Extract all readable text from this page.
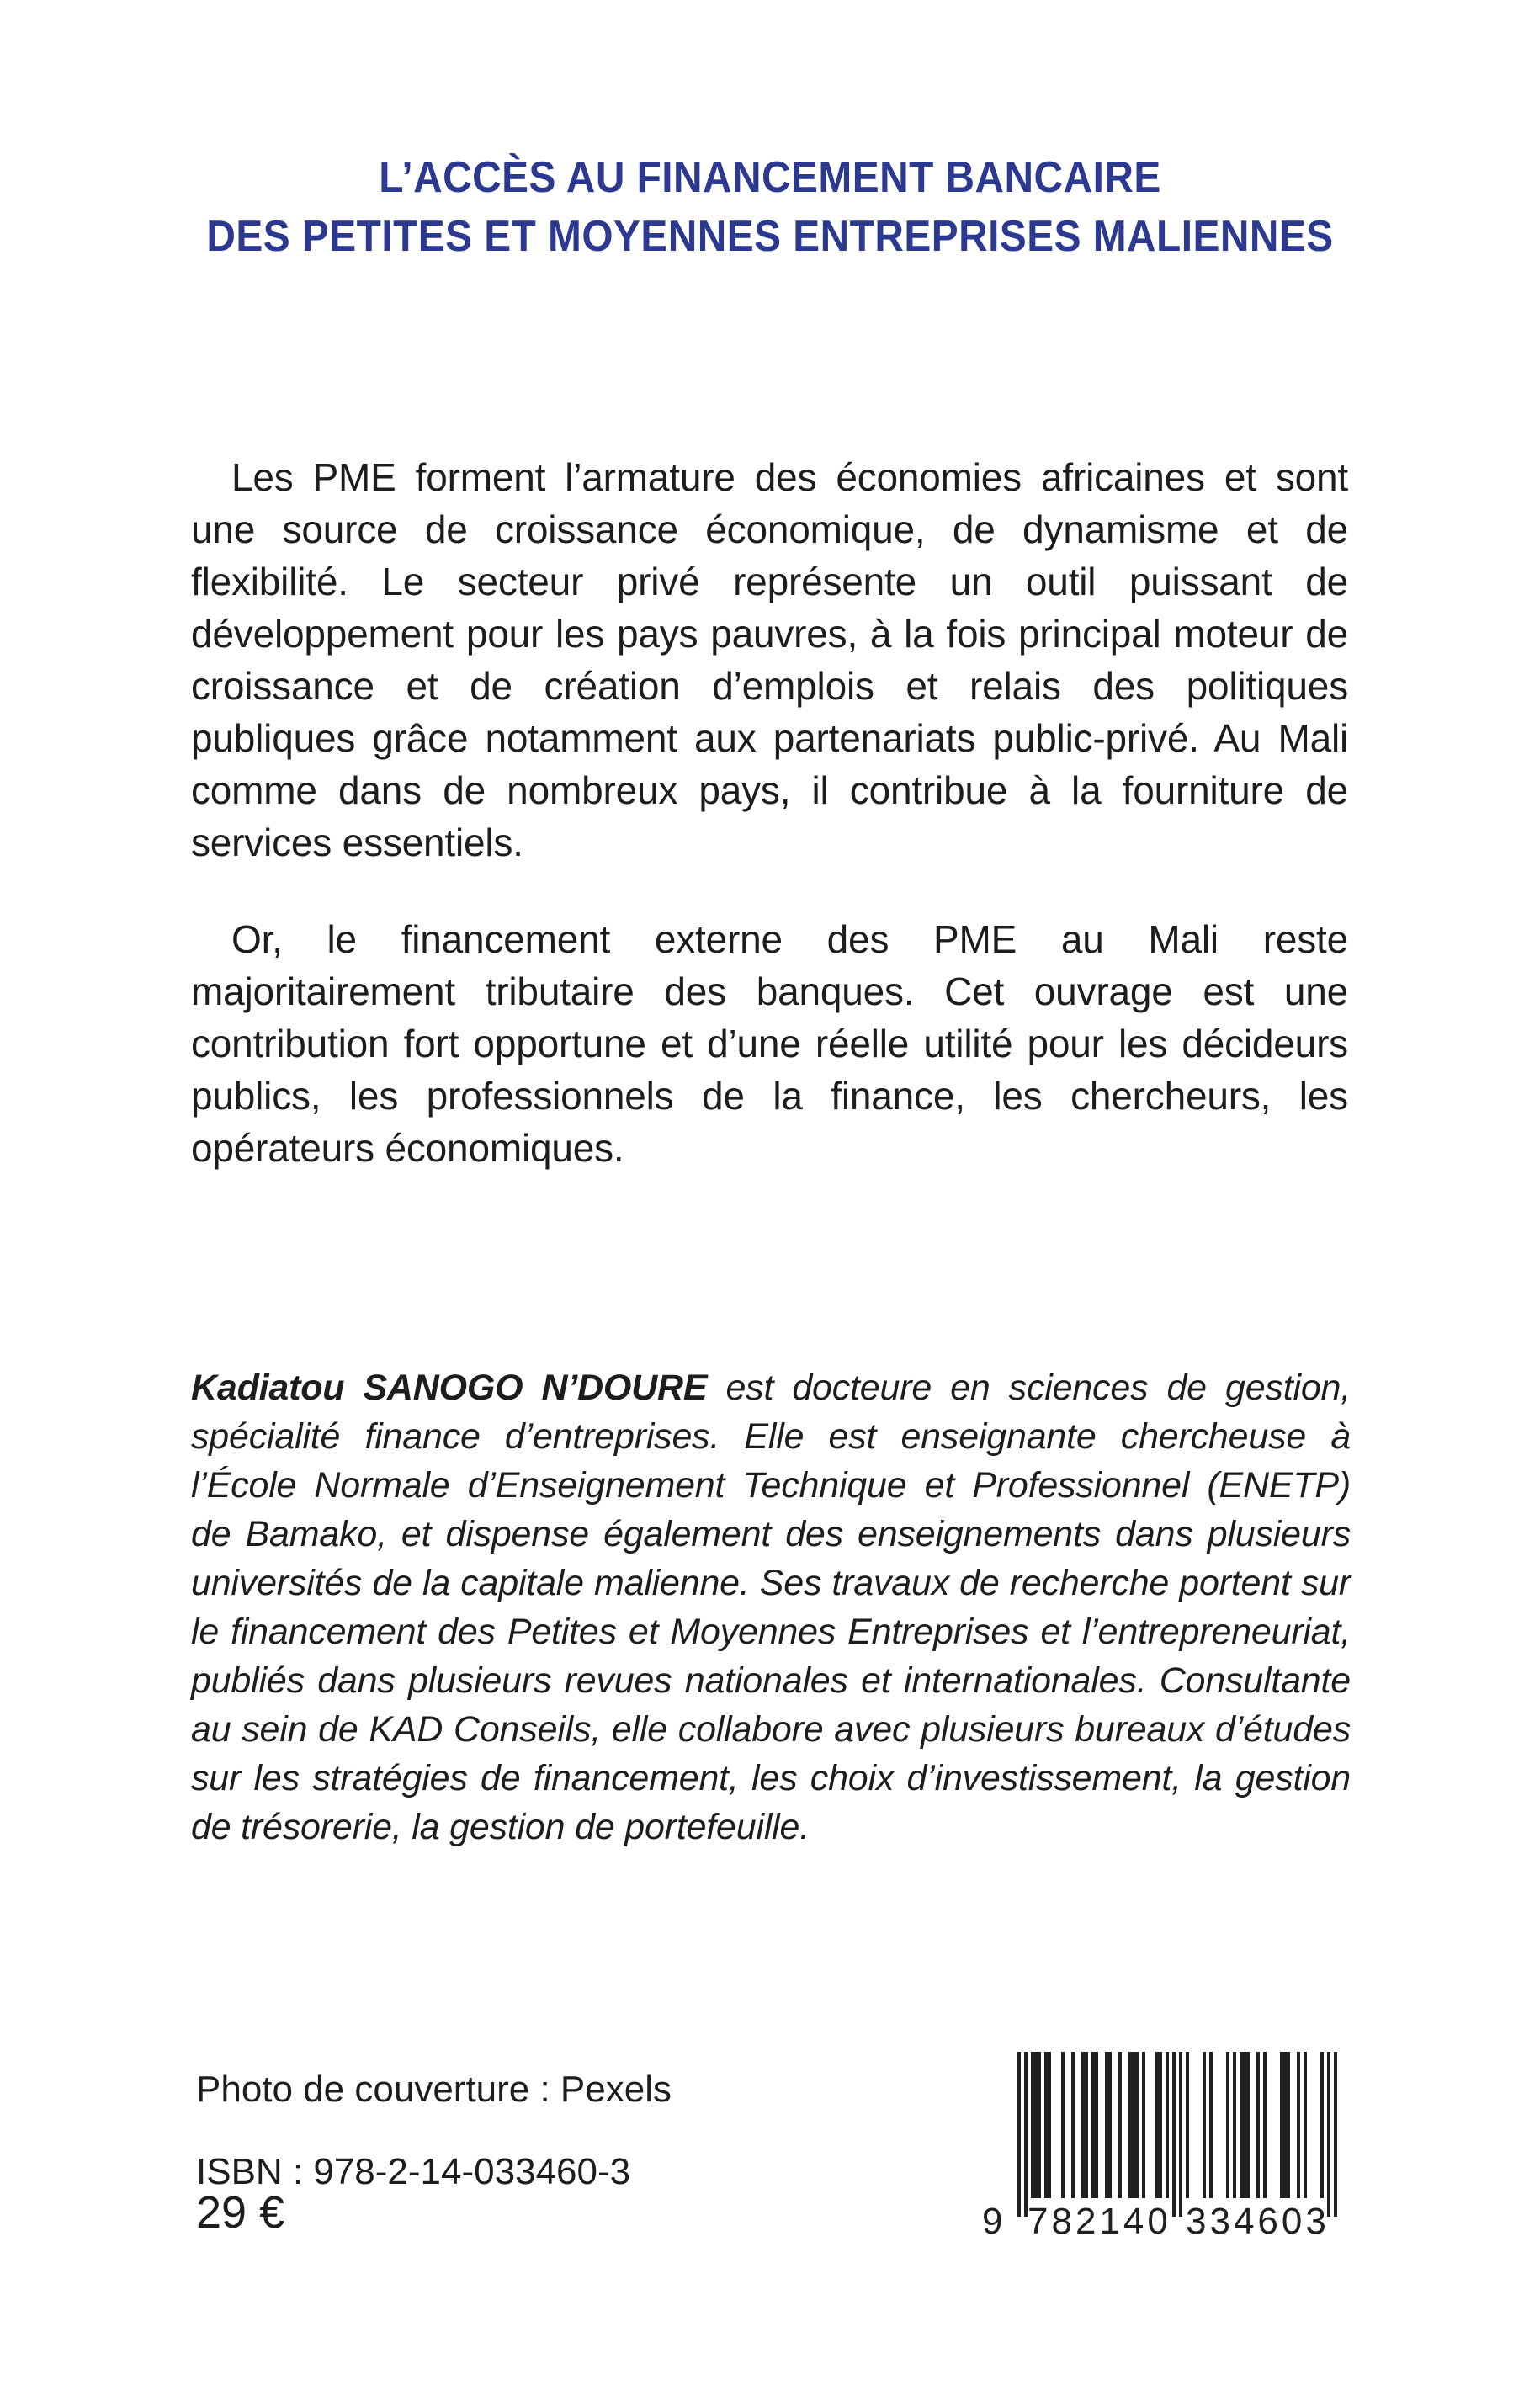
L’ACCÈS AU FINANCEMENT BANCAIRE
DES PETITES ET MOYENNES ENTREPRISES MALIENNES

Les PME forment l’armature des économies africaines et sont une source de croissance économique, de dynamisme et de flexibilité. Le secteur privé représente un outil puissant de développement pour les pays pauvres, à la fois principal moteur de croissance et de création d’emplois et relais des politiques publiques grâce notamment aux partenariats public-privé. Au Mali comme dans de nombreux pays, il contribue à la fourniture de services essentiels.

Or, le financement externe des PME au Mali reste majoritairement tributaire des banques. Cet ouvrage est une contribution fort opportune et d’une réelle utilité pour les décideurs publics, les professionnels de la finance, les chercheurs, les opérateurs économiques.

Kadiatou SANOGO N’DOURE est docteure en sciences de gestion, spécialité finance d’entreprises. Elle est enseignante chercheuse à l’École Normale d’Enseignement Technique et Professionnel (ENETP) de Bamako, et dispense également des enseignements dans plusieurs universités de la capitale malienne. Ses travaux de recherche portent sur le financement des Petites et Moyennes Entreprises et l’entrepreneuriat, publiés dans plusieurs revues nationales et internationales. Consultante au sein de KAD Conseils, elle collabore avec plusieurs bureaux d’études sur les stratégies de financement, les choix d’investissement, la gestion de trésorerie, la gestion de portefeuille.

Photo de couverture : Pexels

ISBN : 978-2-14-033460-3

29 €	9 782140 334603
